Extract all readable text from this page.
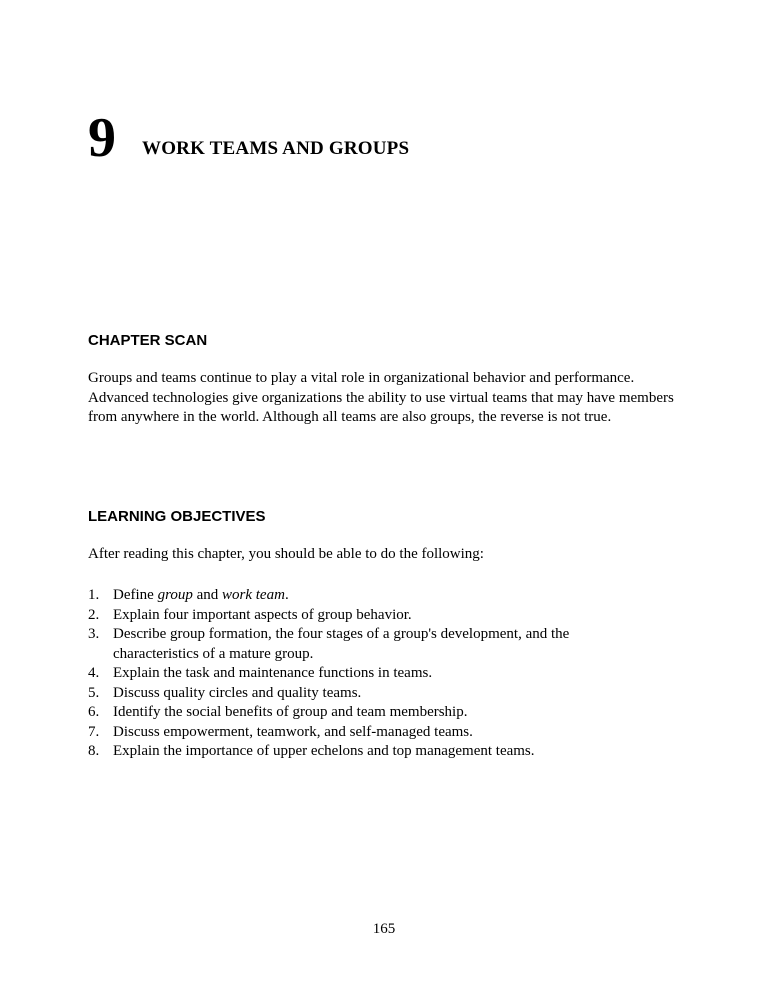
9 WORK TEAMS AND GROUPS
CHAPTER SCAN

Groups and teams continue to play a vital role in organizational behavior and performance.
Advanced technologies give organizations the ability to use virtual teams that may have members
from anywhere in the world. Although all teams are also groups, the reverse is not true.

LEARNING OBJECTIVES

After reading this chapter, you should be able to do the following:

1. Define group and work team.
2. Explain four important aspects of group behavior.
3. Describe group formation, the four stages of a group's development, and the
characteristics of a mature group.
4. Explain the task and maintenance functions in teams.
5. Discuss quality circles and quality teams.
6. Identify the social benefits of group and team membership.
7. Discuss empowerment, teamwork, and self-managed teams.
8. Explain the importance of upper echelons and top management teams.
165
